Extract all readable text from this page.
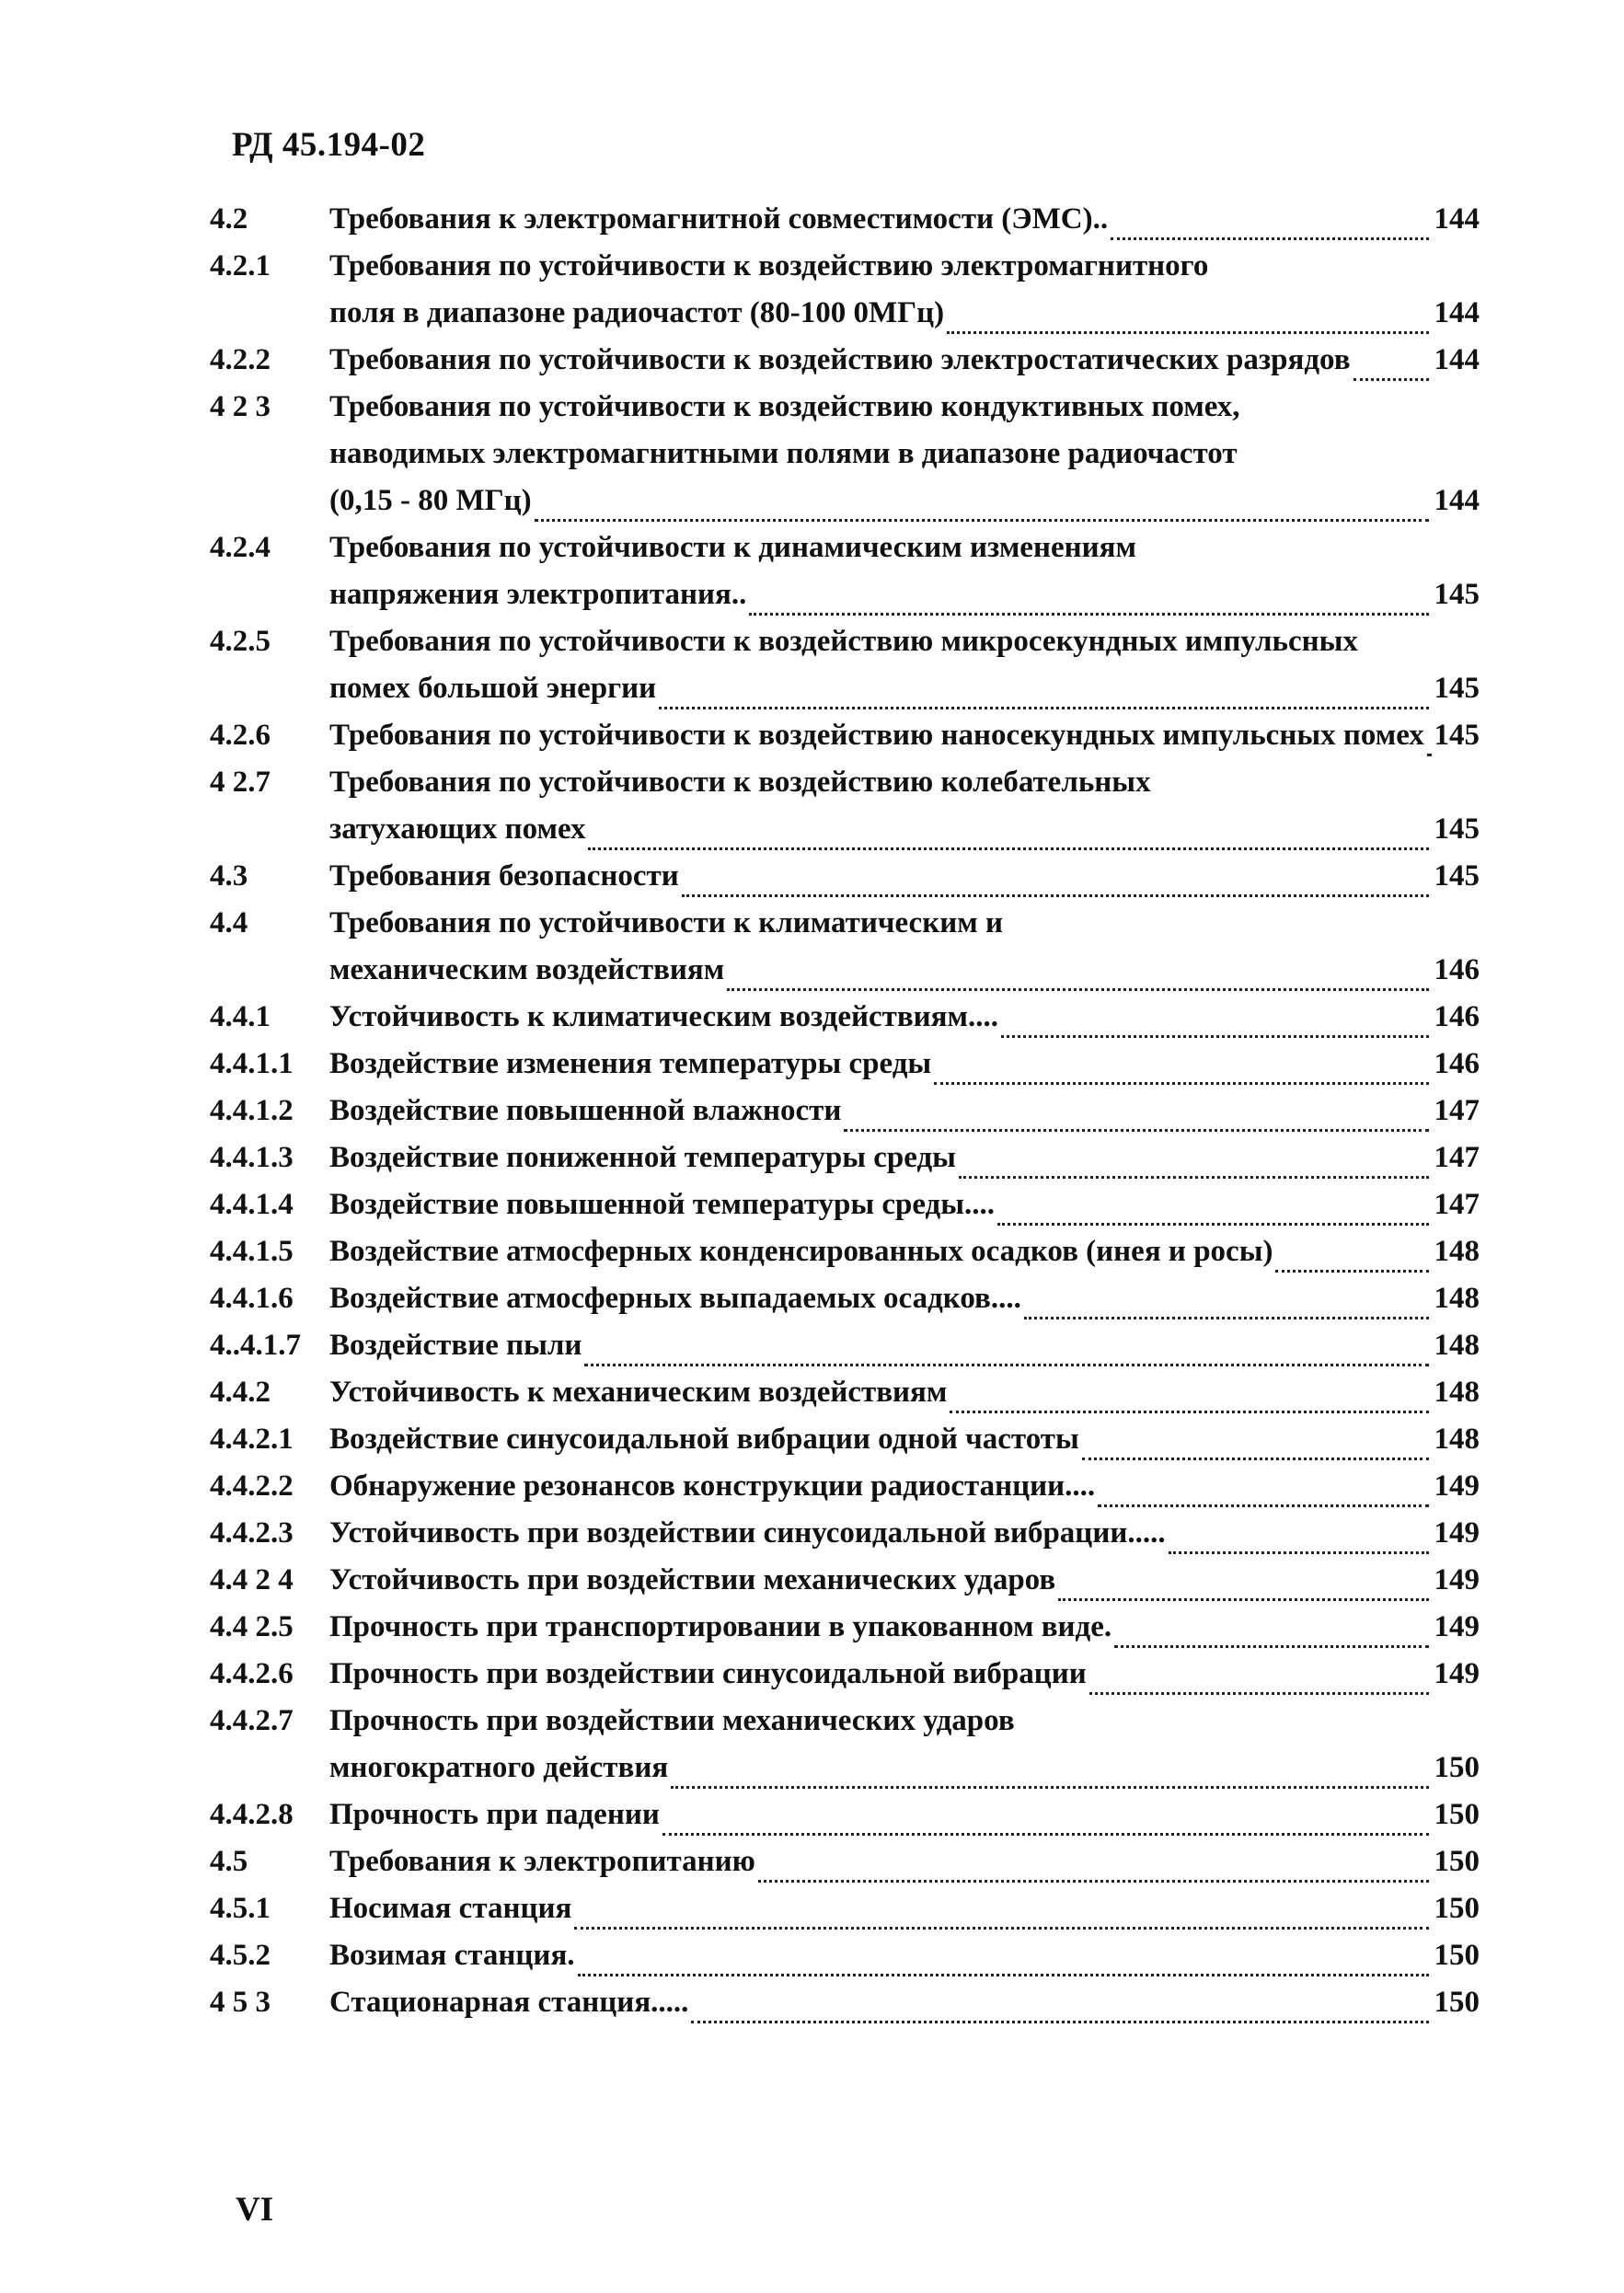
РД 45.194-02
4.2	Требования к электромагнитной совместимости (ЭМС)..	144
4.2.1	Требования по устойчивости к воздействию электромагнитного
поля в диапазоне радиочастот (80-100 0МГц)	144
4.2.2	Требования по устойчивости к воздействию электростатических разрядов	144
4 2 3	Требования по устойчивости к воздействию кондуктивных помех,
наводимых электромагнитными полями в диапазоне радиочастот
(0,15 - 80 МГц)	144
4.2.4	Требования по устойчивости к динамическим изменениям
напряжения электропитания..	145
4.2.5	Требования по устойчивости к воздействию микросекундных импульсных
помех большой энергии	145
4.2.6	Требования по устойчивости к воздействию наносекундных импульсных помех 145
4 2.7	Требования по устойчивости к воздействию колебательных
затухающих помех	145
4.3	Требования безопасности	145
4.4	Требования по устойчивости к климатическим и
механическим воздействиям	146
4.4.1	Устойчивость к климатическим воздействиям....	146
4.4.1.1	Воздействие изменения температуры среды	146
4.4.1.2	Воздействие повышенной влажности	147
4.4.1.3	Воздействие пониженной температуры среды	147
4.4.1.4	Воздействие повышенной температуры среды....	147
4.4.1.5	Воздействие атмосферных конденсированных осадков (инея и росы)	148
4.4.1.6	Воздействие атмосферных выпадаемых осадков....	148
4..4.1.7 Воздействие пыли	148
4.4.2	Устойчивость к механическим воздействиям	148
4.4.2.1	Воздействие синусоидальной вибрации одной частоты	148
4.4.2.2	Обнаружение резонансов конструкции радиостанции....	149
4.4.2.3	Устойчивость при воздействии синусоидальной вибрации.....	149
4.4 2 4	Устойчивость при воздействии механических ударов	149
4.4 2.5	Прочность при транспортировании в упакованном виде.	149
4.4.2.6	Прочность при воздействии синусоидальной вибрации	149
4.4.2.7	Прочность при воздействии механических ударов
многократного действия	150
4.4.2.8	Прочность при падении	150
4.5	Требования к электропитанию	150
4.5.1	Носимая станция	150
4.5.2	Возимая станция.	150
4 5 3	Стационарная станция.....	150
VI
